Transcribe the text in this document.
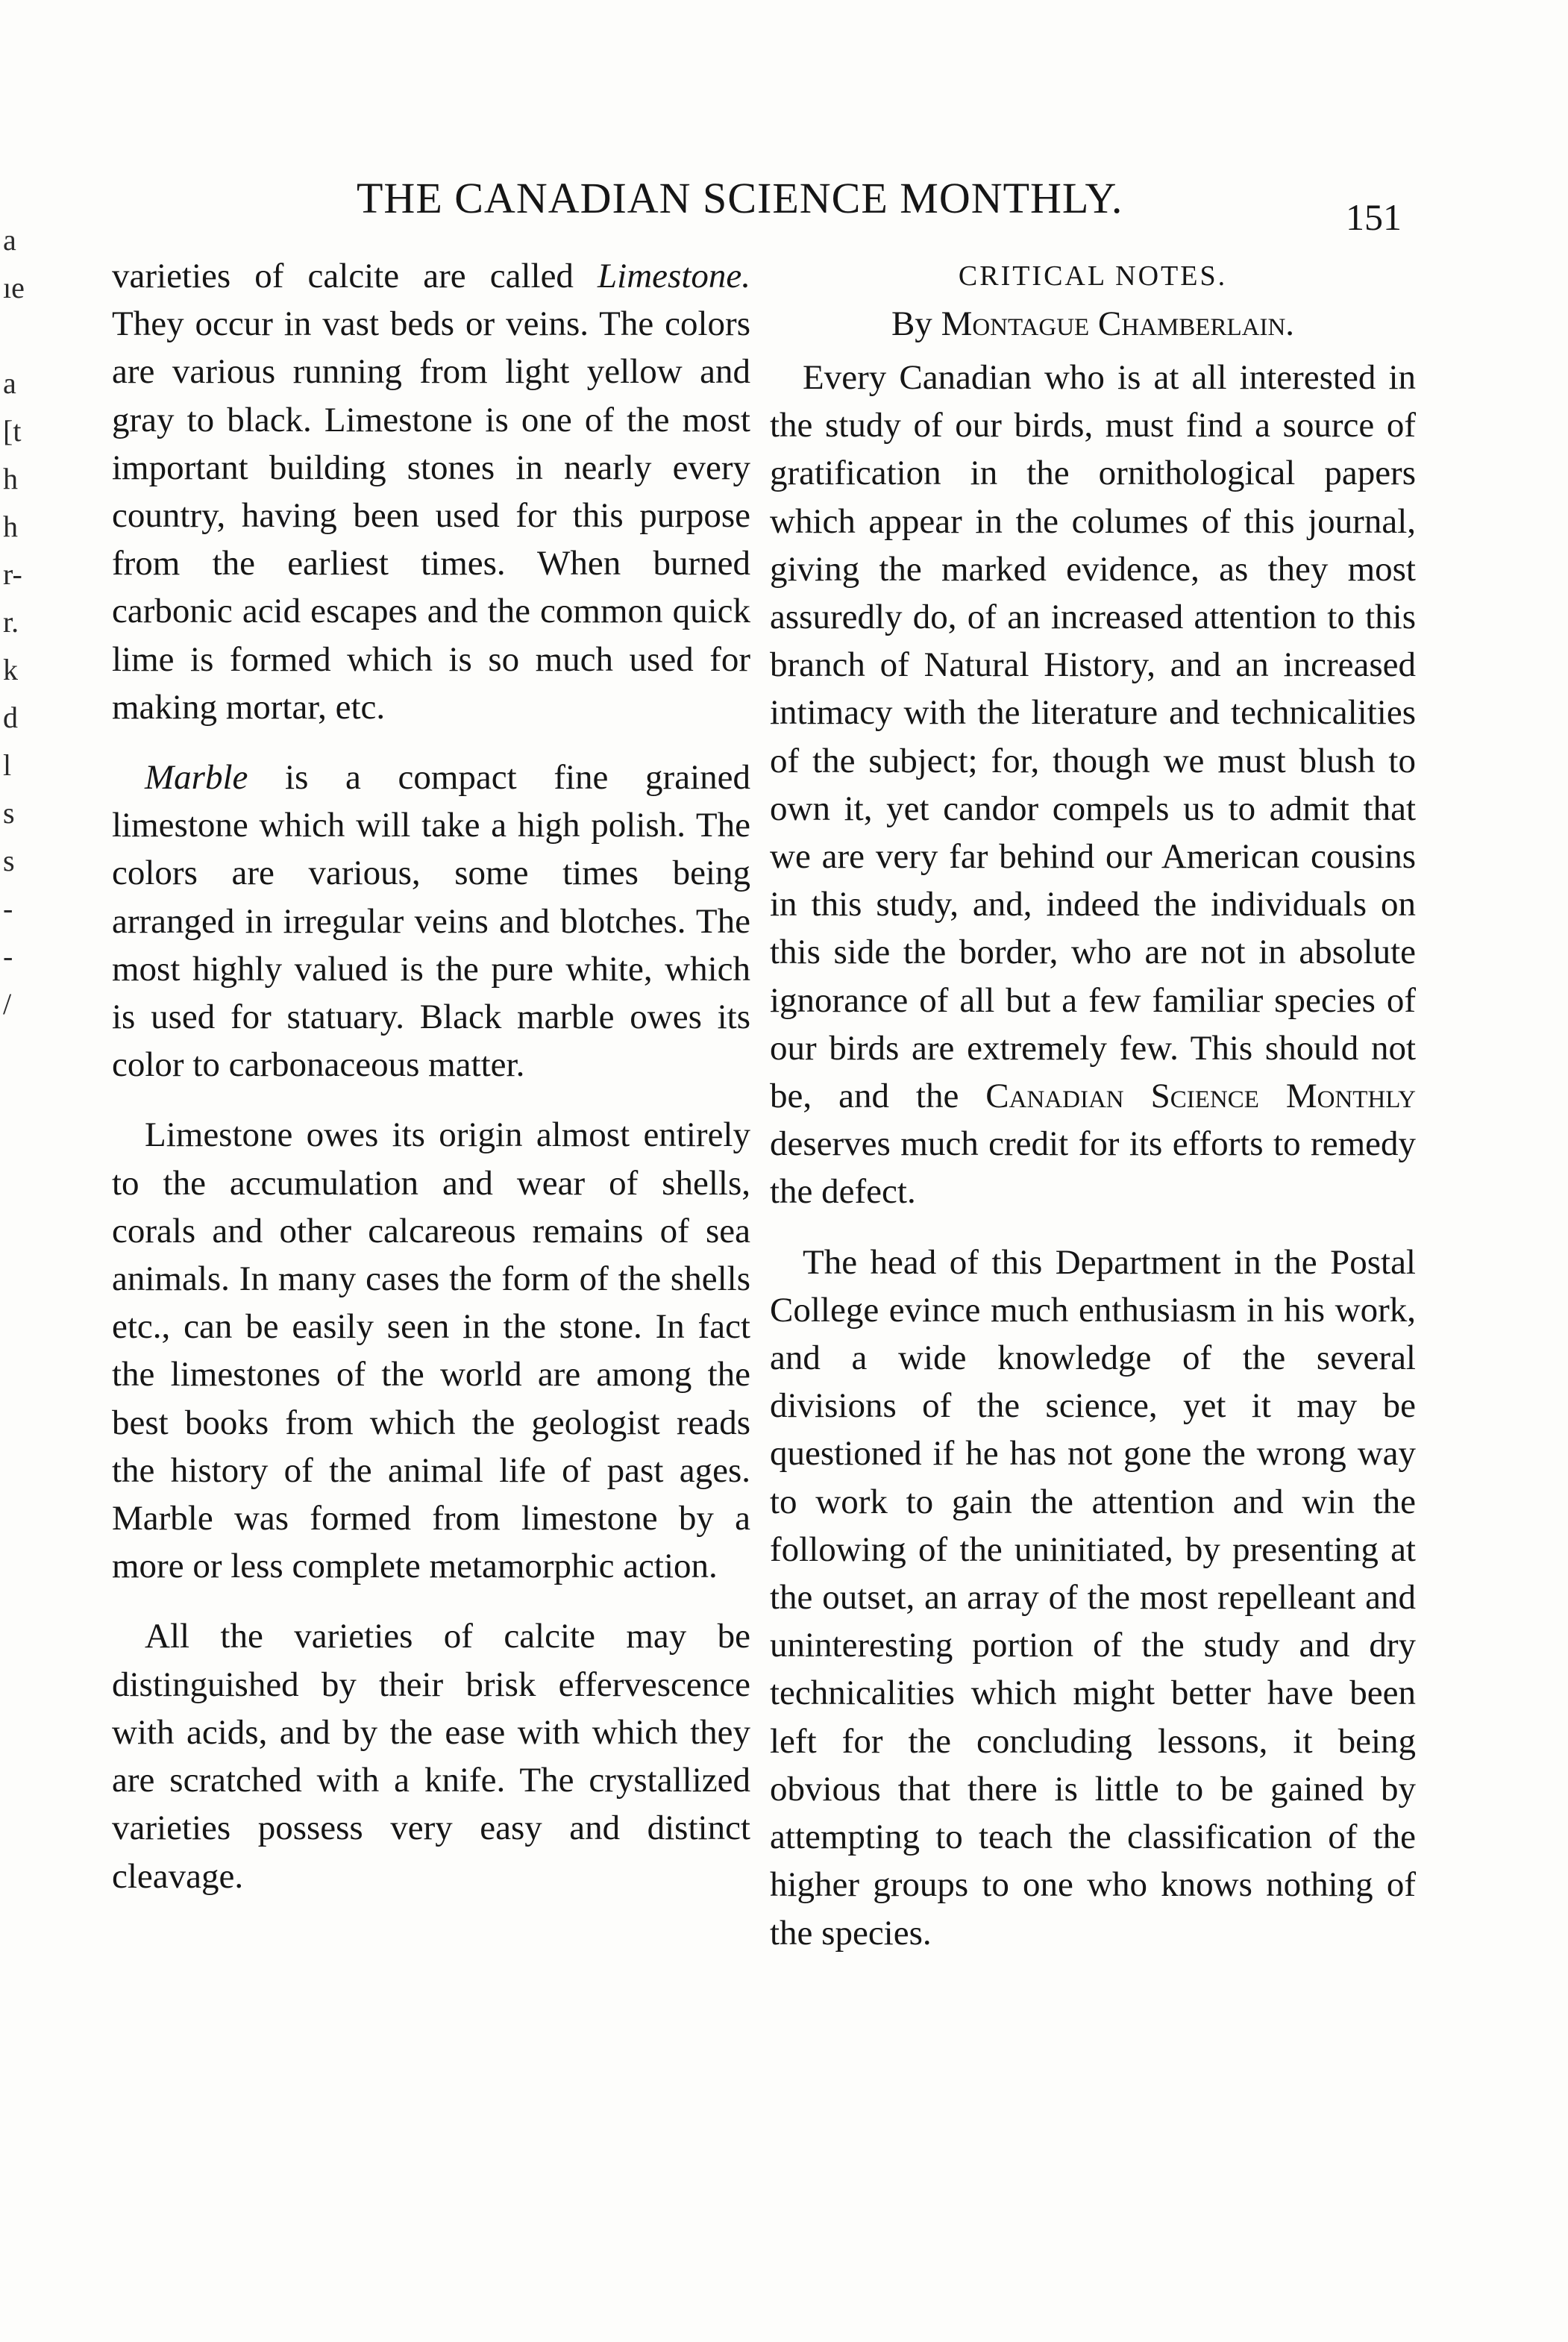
a
ıe
a
[t
h
h
r-
r.
k
d
l
s
s
-
-
/
THE CANADIAN SCIENCE MONTHLY.	151

varieties of calcite are called Limestone. They occur in vast beds or veins. The colors are various running from light yellow and gray to black. Limestone is one of the most important building stones in nearly every country, having been used for this purpose from the earliest times. When burned carbonic acid escapes and the common quick lime is formed which is so much used for making mortar, etc.

Marble is a compact fine grained limestone which will take a high polish. The colors are various, some times being arranged in irregular veins and blotches. The most highly valued is the pure white, which is used for statuary. Black marble owes its color to carbonaceous matter.

Limestone owes its origin almost entirely to the accumulation and wear of shells, corals and other calcareous remains of sea animals. In many cases the form of the shells etc., can be easily seen in the stone. In fact the limestones of the world are among the best books from which the geologist reads the history of the animal life of past ages. Marble was formed from limestone by a more or less complete metamorphic action.

All the varieties of calcite may be distinguished by their brisk effervescence with acids, and by the ease with which they are scratched with a knife. The crystallized varieties possess very easy and distinct cleavage.

CRITICAL NOTES.
By Montague Chamberlain.

Every Canadian who is at all interested in the study of our birds, must find a source of gratification in the ornithological papers which appear in the columes of this journal, giving the marked evidence, as they most assuredly do, of an increased attention to this branch of Natural History, and an increased intimacy with the literature and technicalities of the subject; for, though we must blush to own it, yet candor compels us to admit that we are very far behind our American cousins in this study, and, indeed the individuals on this side the border, who are not in absolute ignorance of all but a few familiar species of our birds are extremely few. This should not be, and the Canadian Science Monthly deserves much credit for its efforts to remedy the defect.

The head of this Department in the Postal College evince much enthusiasm in his work, and a wide knowledge of the several divisions of the science, yet it may be questioned if he has not gone the wrong way to work to gain the attention and win the following of the uninitiated, by presenting at the outset, an array of the most repelleant and uninteresting portion of the study and dry technicalities which might better have been left for the concluding lessons, it being obvious that there is little to be gained by attempting to teach the classification of the higher groups to one who knows nothing of the species.
